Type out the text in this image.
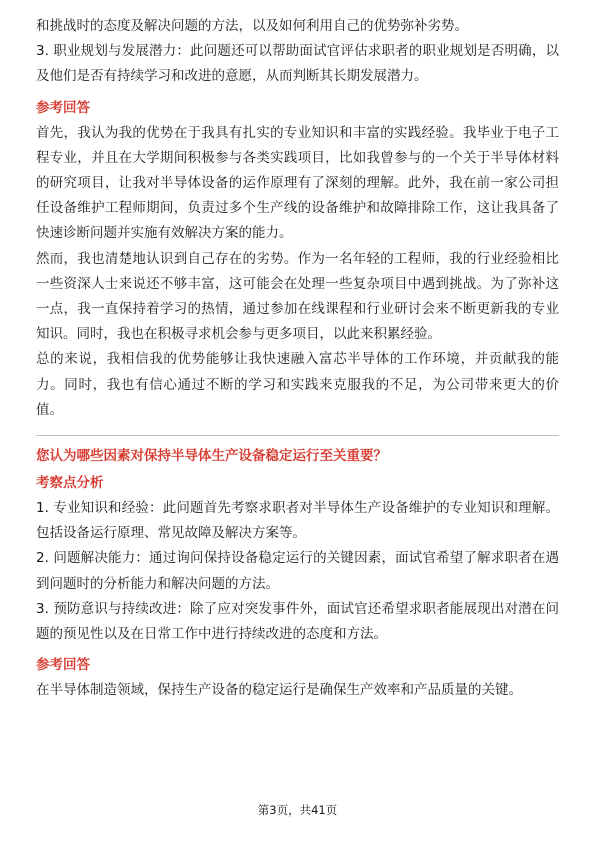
和挑战时的态度及解决问题的方法，以及如何利用自己的优势弥补劣势。

3. 职业规划与发展潜力：此问题还可以帮助面试官评估求职者的职业规划是否明确，以及他们是否有持续学习和改进的意愿，从而判断其长期发展潜力。

参考回答

首先，我认为我的优势在于我具有扎实的专业知识和丰富的实践经验。我毕业于电子工程专业，并且在大学期间积极参与各类实践项目，比如我曾参与的一个关于半导体材料的研究项目，让我对半导体设备的运作原理有了深刻的理解。此外，我在前一家公司担任设备维护工程师期间，负责过多个生产线的设备维护和故障排除工作，这让我具备了快速诊断问题并实施有效解决方案的能力。

然而，我也清楚地认识到自己存在的劣势。作为一名年轻的工程师，我的行业经验相比一些资深人士来说还不够丰富，这可能会在处理一些复杂项目中遇到挑战。为了弥补这一点，我一直保持着学习的热情，通过参加在线课程和行业研讨会来不断更新我的专业知识。同时，我也在积极寻求机会参与更多项目，以此来积累经验。

总的来说，我相信我的优势能够让我快速融入富芯半导体的工作环境，并贡献我的能力。同时，我也有信心通过不断的学习和实践来克服我的不足，为公司带来更大的价值。

您认为哪些因素对保持半导体生产设备稳定运行至关重要？
考察点分析

1. 专业知识和经验：此问题首先考察求职者对半导体生产设备维护的专业知识和理解。包括设备运行原理、常见故障及解决方案等。

2. 问题解决能力：通过询问保持设备稳定运行的关键因素，面试官希望了解求职者在遇到问题时的分析能力和解决问题的方法。

3. 预防意识与持续改进：除了应对突发事件外，面试官还希望求职者能展现出对潜在问题的预见性以及在日常工作中进行持续改进的态度和方法。

参考回答

在半导体制造领域，保持生产设备的稳定运行是确保生产效率和产品质量的关键。

第3页，共41页
